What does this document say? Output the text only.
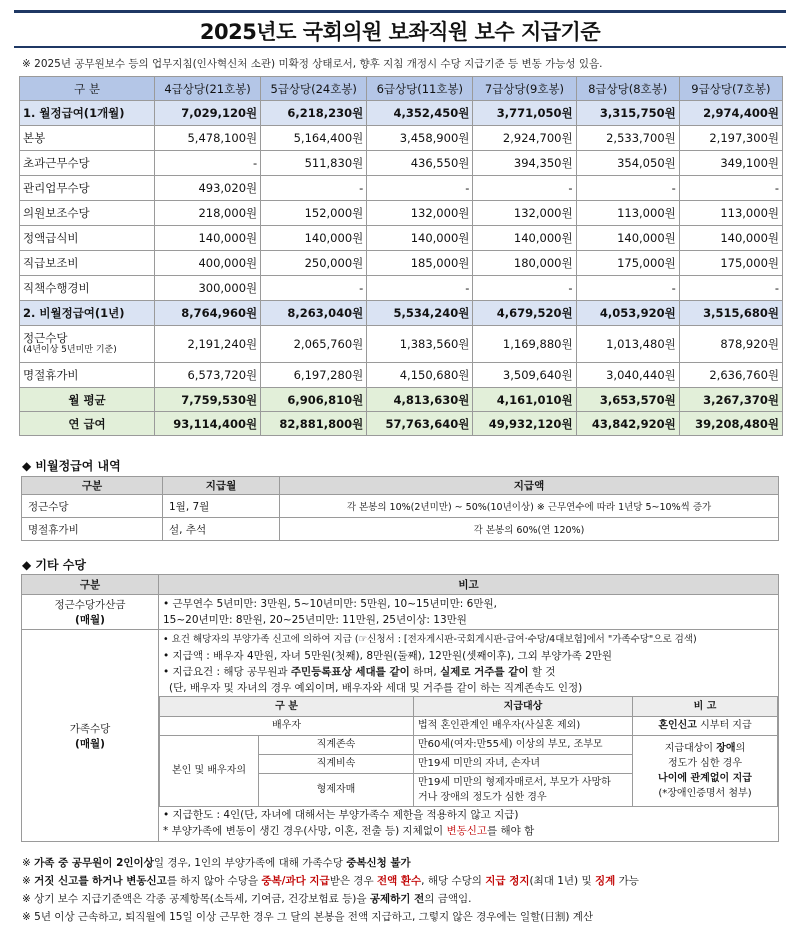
2025년도 국회의원 보좌직원 보수 지급기준
※ 2025년 공무원보수 등의 업무지침(인사혁신처 소관) 미확정 상태로서, 향후 지침 개정시 수당 지급기준 등 변동 가능성 있음.
구 분	4급상당(21호봉)	5급상당(24호봉)	6급상당(11호봉)	7급상당(9호봉)	8급상당(8호봉)	9급상당(7호봉)
1. 월정급여(1개월)	7,029,120원	6,218,230원	4,352,450원	3,771,050원	3,315,750원	2,974,400원
본봉	5,478,100원	5,164,400원	3,458,900원	2,924,700원	2,533,700원	2,197,300원
초과근무수당	-	511,830원	436,550원	394,350원	354,050원	349,100원
관리업무수당	493,020원	-	-	-	-	-
의원보조수당	218,000원	152,000원	132,000원	132,000원	113,000원	113,000원
정액급식비	140,000원	140,000원	140,000원	140,000원	140,000원	140,000원
직급보조비	400,000원	250,000원	185,000원	180,000원	175,000원	175,000원
직책수행경비	300,000원	-	-	-	-	-
2. 비월정급여(1년)	8,764,960원	8,263,040원	5,534,240원	4,679,520원	4,053,920원	3,515,680원

정근수당
(4년이상 5년미만 기준)	2,191,240원	2,065,760원	1,383,560원	1,169,880원	1,013,480원	878,920원
명절휴가비	6,573,720원	6,197,280원	4,150,680원	3,509,640원	3,040,440원	2,636,760원
월 평균	7,759,530원	6,906,810원	4,813,630원	4,161,010원	3,653,570원	3,267,370원
연 급여	93,114,400원	82,881,800원	57,763,640원	49,932,120원	43,842,920원	39,208,480원
◆ 비월정급여 내역
구분	지급월	지급액
정근수당	1월, 7월	각 본봉의 10%(2년미만) ~ 50%(10년이상) ※ 근무연수에 따라 1년당 5~10%씩 증가
명절휴가비	설, 추석	각 본봉의 60%(연 120%)
◆ 기타 수당
구분	비고

정근수당가산금
(매월)

• 근무연수 5년미만: 3만원, 5~10년미만: 5만원, 10~15년미만: 6만원,
15~20년미만: 8만원, 20~25년미만: 11만원, 25년이상: 13만원

가족수당
(매월)

• 요건 해당자의 부양가족 신고에 의하여 지급 (☞신청서 : [전자게시판-국회게시판-급여·수당/4대보험]에서 "가족수당"으로 검색)
• 지급액 : 배우자 4만원, 자녀 5만원(첫째), 8만원(둘째), 12만원(셋째이후), 그외 부양가족 2만원
• 지급요건 : 해당 공무원과 주민등록표상 세대를 같이 하며, 실제로 거주를 같이 할 것
(단, 배우자 및 자녀의 경우 예외이며, 배우자와 세대 및 거주를 같이 하는 직계존속도 인정)
구 분	지급대상	비 고
배우자	법적 혼인관계인 배우자(사실혼 제외)	혼인신고 시부터 지급
본인 및 배우자의	직계존속	만60세(여자:만55세) 이상의 부모, 조부모	지급대상이 장애의
정도가 심한 경우
나이에 관계없이 지급
(*장애인증명서 첨부)

직계비속	만19세 미만의 자녀, 손자녀
형제자매	
만19세 미만의 형제자매로서, 부모가 사망하
거나 장애의 정도가 심한 경우
• 지급한도 : 4인(단, 자녀에 대해서는 부양가족수 제한을 적용하지 않고 지급)
* 부양가족에 변동이 생긴 경우(사망, 이혼, 전출 등) 지체없이 변동신고를 해야 함
※ 가족 중 공무원이 2인이상일 경우, 1인의 부양가족에 대해 가족수당 중복신청 불가
※ 거짓 신고를 하거나 변동신고를 하지 않아 수당을 중복/과다 지급받은 경우 전액 환수, 해당 수당의 지급 정지(최대 1년) 및 징계 가능
※ 상기 보수 지급기준액은 각종 공제항목(소득세, 기여금, 건강보험료 등)을 공제하기 전의 금액임.
※ 5년 이상 근속하고, 퇴직월에 15일 이상 근무한 경우 그 달의 본봉을 전액 지급하고, 그렇지 않은 경우에는 일할(日割) 계산
